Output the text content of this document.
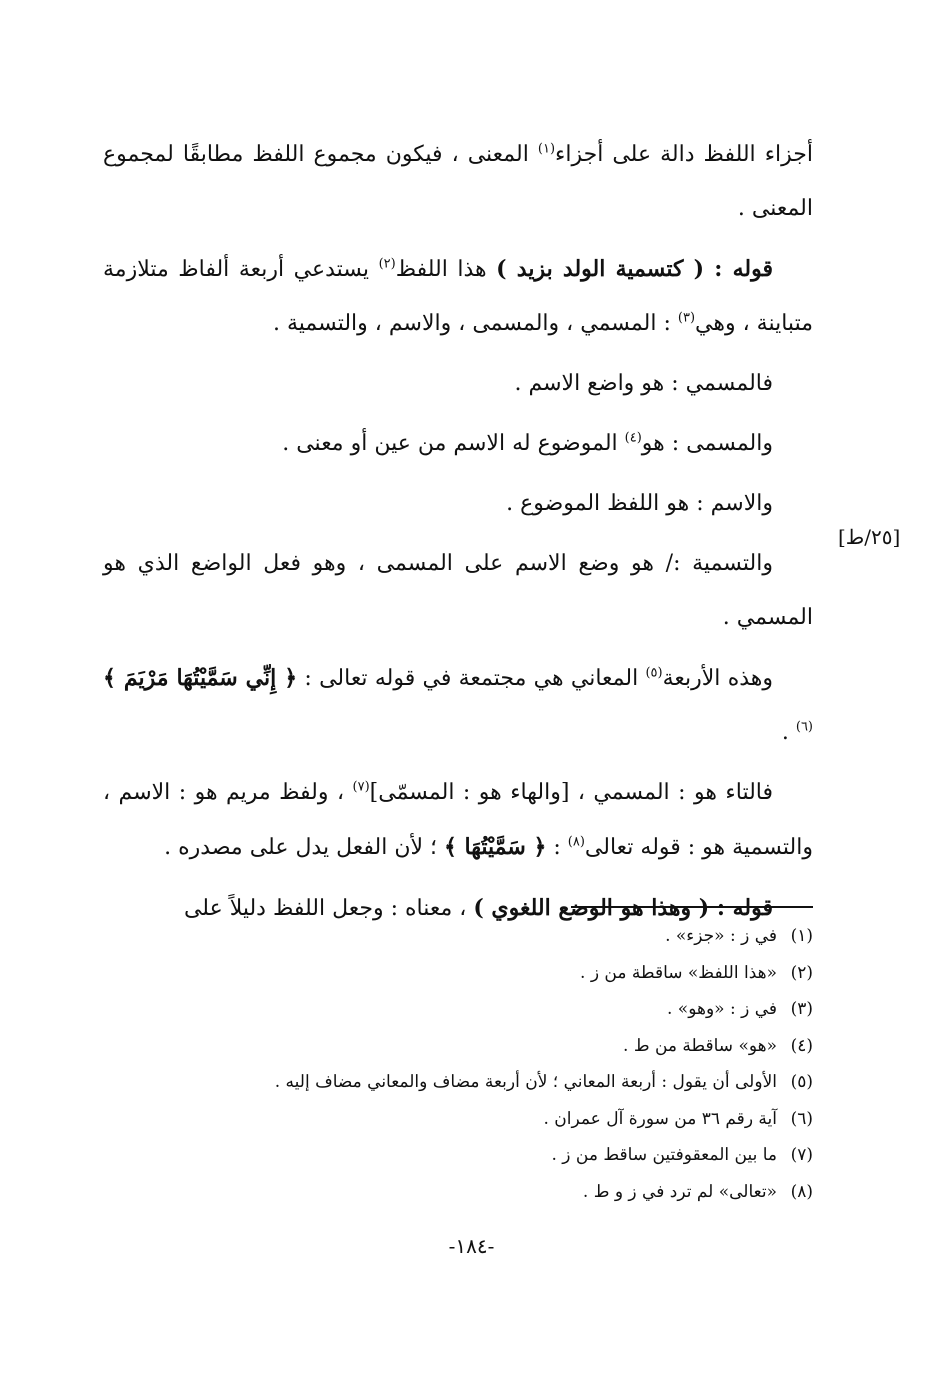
[٢٥/ط]

أجزاء اللفظ دالة على أجزاء$^{(١)}$ المعنى ، فيكون مجموع اللفظ مطابقًا لمجموع المعنى .

قوله : ( كتسمية الولد بزيد ) هذا اللفظ$^{(٢)}$ يستدعي أربعة ألفاظ متلازمة متباينة ، وهي$^{(٣)}$ : المسمي ، والمسمى ، والاسم ، والتسمية .

فالمسمي : هو واضع الاسم .

والمسمى : هو$^{(٤)}$ الموضوع له الاسم من عين أو معنى .

والاسم : هو اللفظ الموضوع .

والتسمية :/ هو وضع الاسم على المسمى ، وهو فعل الواضع الذي هو المسمي .

وهذه الأربعة$^{(٥)}$ المعاني هي مجتمعة في قوله تعالى : ﴿ إِنِّي سَمَّيْتُهَا مَرْيَمَ ﴾$^{(٦)}$ .

فالتاء هو : المسمي ، [والهاء هو : المسمّى]$^{(٧)}$ ، ولفظ مريم هو : الاسم ، والتسمية هو : قوله تعالى$^{(٨)}$ : ﴿ سَمَّيْتُهَا ﴾ ؛ لأن الفعل يدل على مصدره .

قوله : ( وهذا هو الوضع اللغوي ) ، معناه : وجعل اللفظ دليلاً على

(١)
في ز : «جزء» .
(٢)
«هذا اللفظ» ساقطة من ز .
(٣)
في ز : «وهو» .
(٤)
«هو» ساقطة من ط .
(٥)
الأولى أن يقول : أربعة المعاني ؛ لأن أربعة مضاف والمعاني مضاف إليه .
(٦)
آية رقم ٣٦ من سورة آل عمران .
(٧)
ما بين المعقوفتين ساقط من ز .
(٨)
«تعالى» لم ترد في ز و ط .
-١٨٤-
